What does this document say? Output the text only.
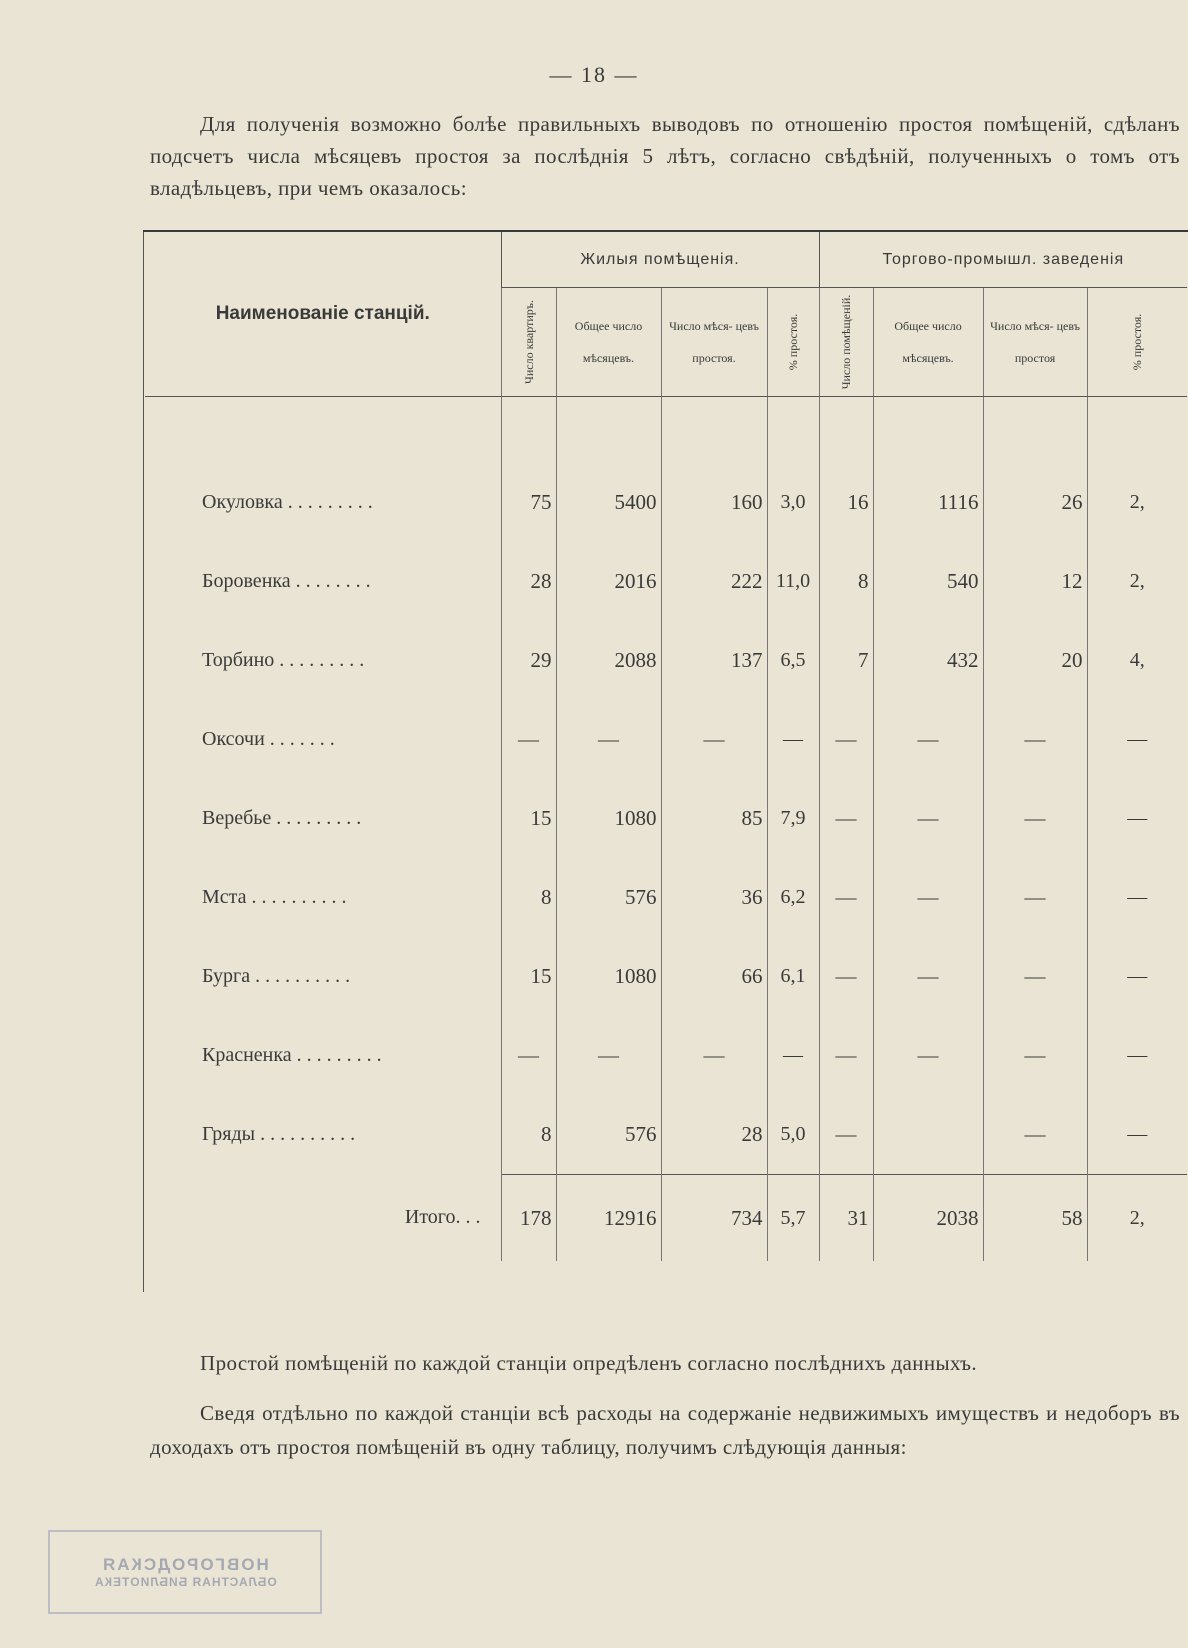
— 18 —

Для полученія возможно болѣе правильныхъ выводовъ по отношенію простоя помѣщеній, сдѣланъ подсчетъ числа мѣсяцевъ простоя за послѣднія 5 лѣтъ, согласно свѣдѣній, полученныхъ о томъ отъ владѣльцевъ, при чемъ оказалось:

Наименованіе станцій.	Жилыя помѣщенія.				Торгово-промышл. заведенія			

	Число квартиръ.	Общее число мѣсяцевъ.	Число мѣся- цевъ простоя.	% простоя.	Число помѣщеній.	Общее число мѣсяцевъ.	Число мѣся- цевъ простоя	% простоя.

Окуловка . . . . . . . . .	75	5400	160	3,0	16	1116	26	2,
Боровенка . . . . . . . .	28	2016	222	11,0	8	540	12	2,
Торбино . . . . . . . . .	29	2088	137	6,5	7	432	20	4,
Оксочи . . . . . . .	—	—	—	—	—	—	—	—
Веребье . . . . . . . . .	15	1080	85	7,9	—	—	—	—
Мста . . . . . . . . . .	8	576	36	6,2	—	—	—	—
Бурга . . . . . . . . . .	15	1080	66	6,1	—	—	—	—
Красненка . . . . . . . . .	—	—	—	—	—	—	—	—
Гряды . . . . . . . . . .	8	576	28	5,0	—		—	—
Итого. . .	178	12916	734	5,7	31	2038	58	2,

Простой помѣщеній по каждой станціи опредѣленъ согласно послѣднихъ данныхъ.

Сведя отдѣльно по каждой станціи всѣ расходы на содержаніе недвижимыхъ имуществъ и недоборъ въ доходахъ отъ простоя помѣщеній въ одну таблицу, получимъ слѣдующія данныя:

НОВГОРОДСКАЯ
ОБЛАСТНАЯ БИБЛИОТЕКА
